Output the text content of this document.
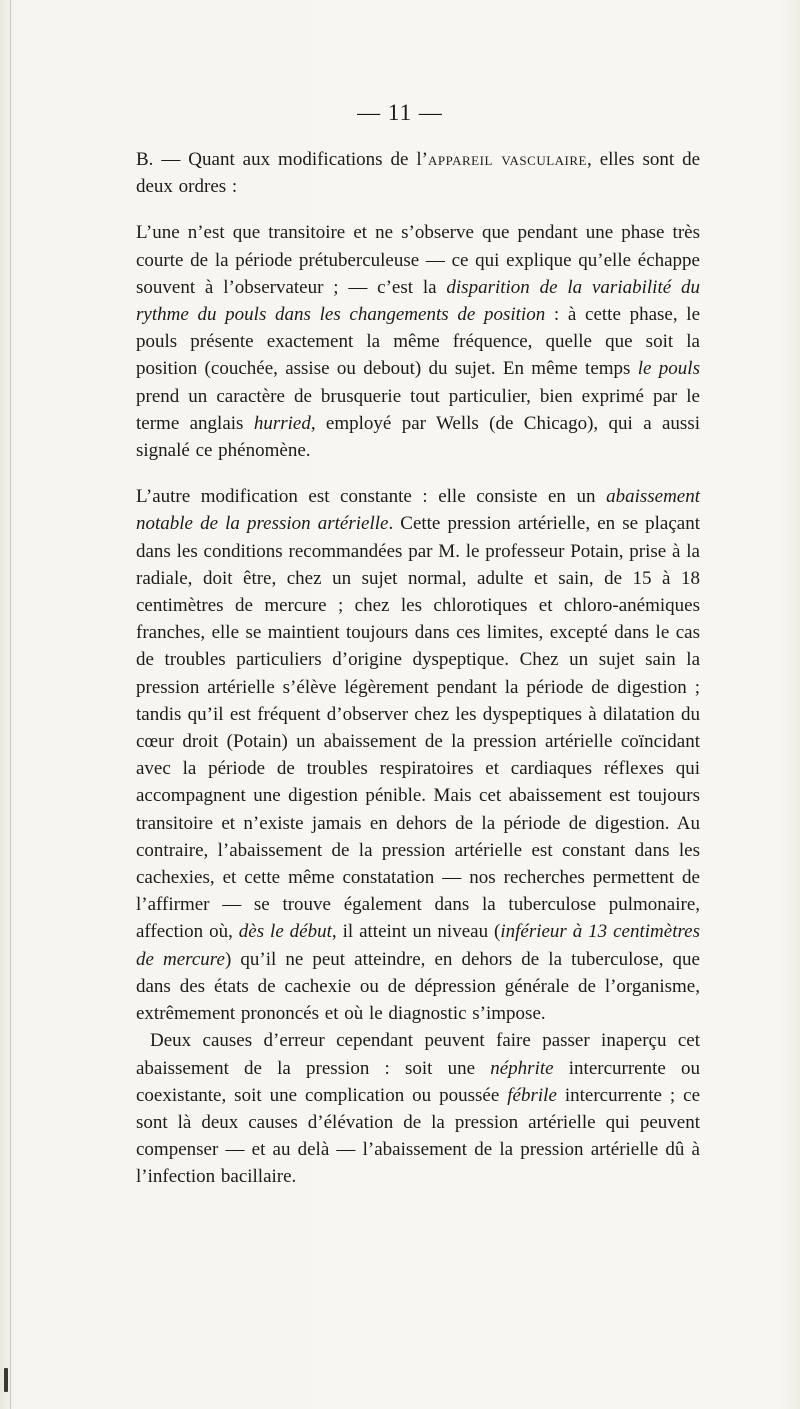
— 11 —

B. — Quant aux modifications de l’appareil vasculaire, elles sont de deux ordres :

L’une n’est que transitoire et ne s’observe que pendant une phase très courte de la période prétuberculeuse — ce qui explique qu’elle échappe souvent à l’observateur ; — c’est la disparition de la variabilité du rythme du pouls dans les changements de position : à cette phase, le pouls présente exactement la même fréquence, quelle que soit la position (couchée, assise ou debout) du sujet. En même temps le pouls prend un caractère de brusquerie tout particulier, bien exprimé par le terme anglais hurried, employé par Wells (de Chicago), qui a aussi signalé ce phénomène.

L’autre modification est constante : elle consiste en un abaissement notable de la pression artérielle. Cette pression artérielle, en se plaçant dans les conditions recommandées par M. le professeur Potain, prise à la radiale, doit être, chez un sujet normal, adulte et sain, de 15 à 18 centimètres de mercure ; chez les chlorotiques et chloro-anémiques franches, elle se maintient toujours dans ces limites, excepté dans le cas de troubles particuliers d’origine dyspeptique. Chez un sujet sain la pression artérielle s’élève légèrement pendant la période de digestion ; tandis qu’il est fréquent d’observer chez les dyspeptiques à dilatation du cœur droit (Potain) un abaissement de la pression artérielle coïncidant avec la période de troubles respiratoires et cardiaques réflexes qui accompagnent une digestion pénible. Mais cet abaissement est toujours transitoire et n’existe jamais en dehors de la période de digestion. Au contraire, l’abaissement de la pression artérielle est constant dans les cachexies, et cette même constatation — nos recherches permettent de l’affirmer — se trouve également dans la tuberculose pulmonaire, affection où, dès le début, il atteint un niveau (inférieur à 13 centimètres de mercure) qu’il ne peut atteindre, en dehors de la tuberculose, que dans des états de cachexie ou de dépression générale de l’organisme, extrêmement prononcés et où le diagnostic s’impose.

Deux causes d’erreur cependant peuvent faire passer inaperçu cet abaissement de la pression : soit une néphrite intercurrente ou coexistante, soit une complication ou poussée fébrile intercurrente ; ce sont là deux causes d’élévation de la pression artérielle qui peuvent compenser — et au delà — l’abaissement de la pression artérielle dû à l’infection bacillaire.
